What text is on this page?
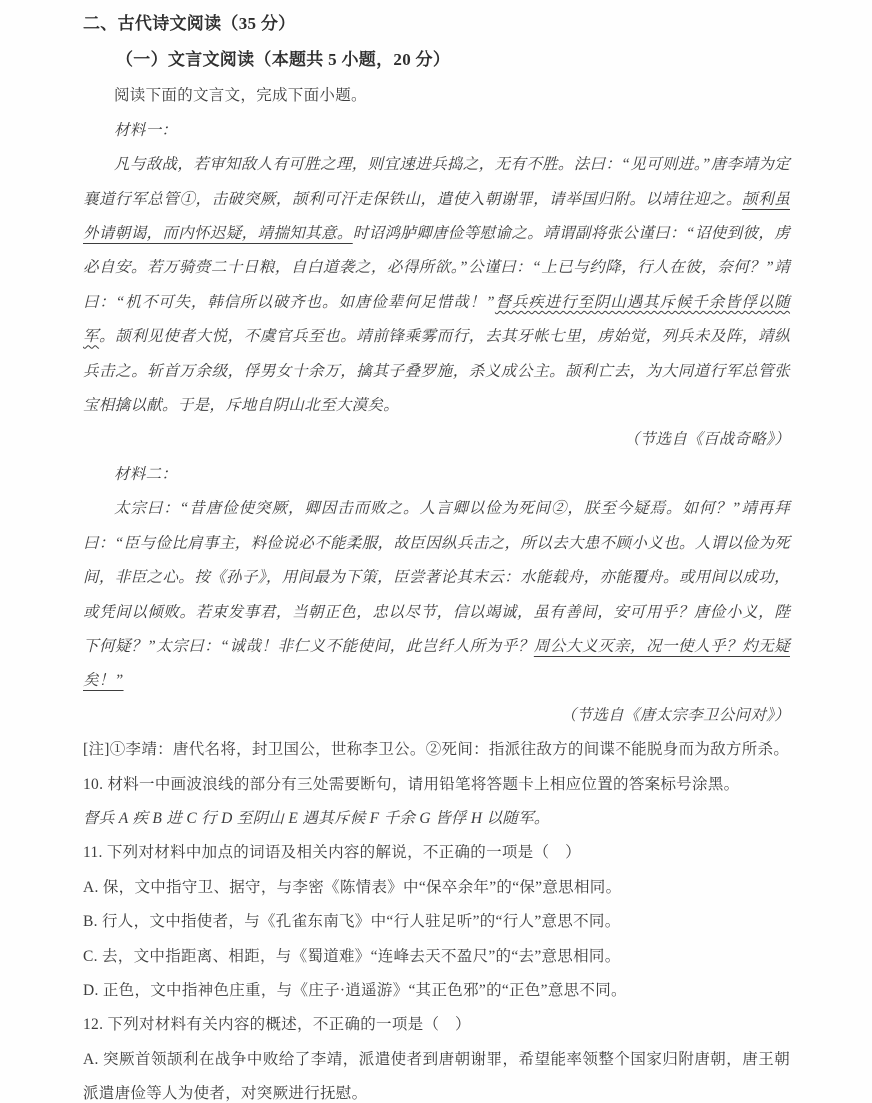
二、古代诗文阅读（35 分）

（一）文言文阅读（本题共 5 小题，20 分）

阅读下面的文言文，完成下面小题。

材料一：

凡与敌战，若审知敌人有可胜之理，则宜速进兵捣之，无有不胜。法曰：“见可则进。”唐李靖为定襄道行军总管①，击破突厥，颉利可汗走保铁山，遣使入朝谢罪，请举国归附。以靖往迎之。颉利虽外请朝谒，而内怀迟疑，靖揣知其意。时诏鸿胪卿唐俭等慰谕之。靖谓副将张公谨曰：“诏使到彼，虏必自安。若万骑赍二十日粮，自白道袭之，必得所欲。”公谨曰：“上已与约降，行人在彼，奈何？”靖曰：“机不可失，韩信所以破齐也。如唐俭辈何足惜哉！”督兵疾进行至阴山遇其斥候千余皆俘以随军。颉利见使者大悦，不虞官兵至也。靖前锋乘雾而行，去其牙帐七里，虏始觉，列兵未及阵，靖纵兵击之。斩首万余级，俘男女十余万，擒其子叠罗施，杀义成公主。颉利亡去，为大同道行军总管张宝相擒以献。于是，斥地自阴山北至大漠矣。

（节选自《百战奇略》）

材料二：

太宗曰：“昔唐俭使突厥，卿因击而败之。人言卿以俭为死间②，朕至今疑焉。如何？”靖再拜曰：“臣与俭比肩事主，料俭说必不能柔服，故臣因纵兵击之，所以去大患不顾小义也。人谓以俭为死间，非臣之心。按《孙子》，用间最为下策，臣尝著论其末云：水能载舟，亦能覆舟。或用间以成功，或凭间以倾败。若束发事君，当朝正色，忠以尽节，信以竭诚，虽有善间，安可用乎？唐俭小义，陛下何疑？”太宗曰：“诚哉！非仁义不能使间，此岂纤人所为乎？周公大义灭亲，况一使人乎？灼无疑矣！”

（节选自《唐太宗李卫公问对》）

[注]①李靖：唐代名将，封卫国公，世称李卫公。②死间：指派往敌方的间谍不能脱身而为敌方所杀。

10. 材料一中画波浪线的部分有三处需要断句，请用铅笔将答题卡上相应位置的答案标号涂黑。

督兵 A 疾 B 进 C 行 D 至阴山 E 遇其斥候 F 千余 G 皆俘 H 以随军。

11. 下列对材料中加点的词语及相关内容的解说，不正确的一项是（　）

A. 保，文中指守卫、据守，与李密《陈情表》中“保卒余年”的“保”意思相同。

B. 行人，文中指使者，与《孔雀东南飞》中“行人驻足听”的“行人”意思不同。

C. 去，文中指距离、相距，与《蜀道难》“连峰去天不盈尺”的“去”意思相同。

D. 正色，文中指神色庄重，与《庄子·逍遥游》“其正色邪”的“正色”意思不同。

12. 下列对材料有关内容的概述，不正确的一项是（　）

A. 突厥首领颉利在战争中败给了李靖，派遣使者到唐朝谢罪，希望能率领整个国家归附唐朝，唐王朝派遣唐俭等人为使者，对突厥进行抚慰。
